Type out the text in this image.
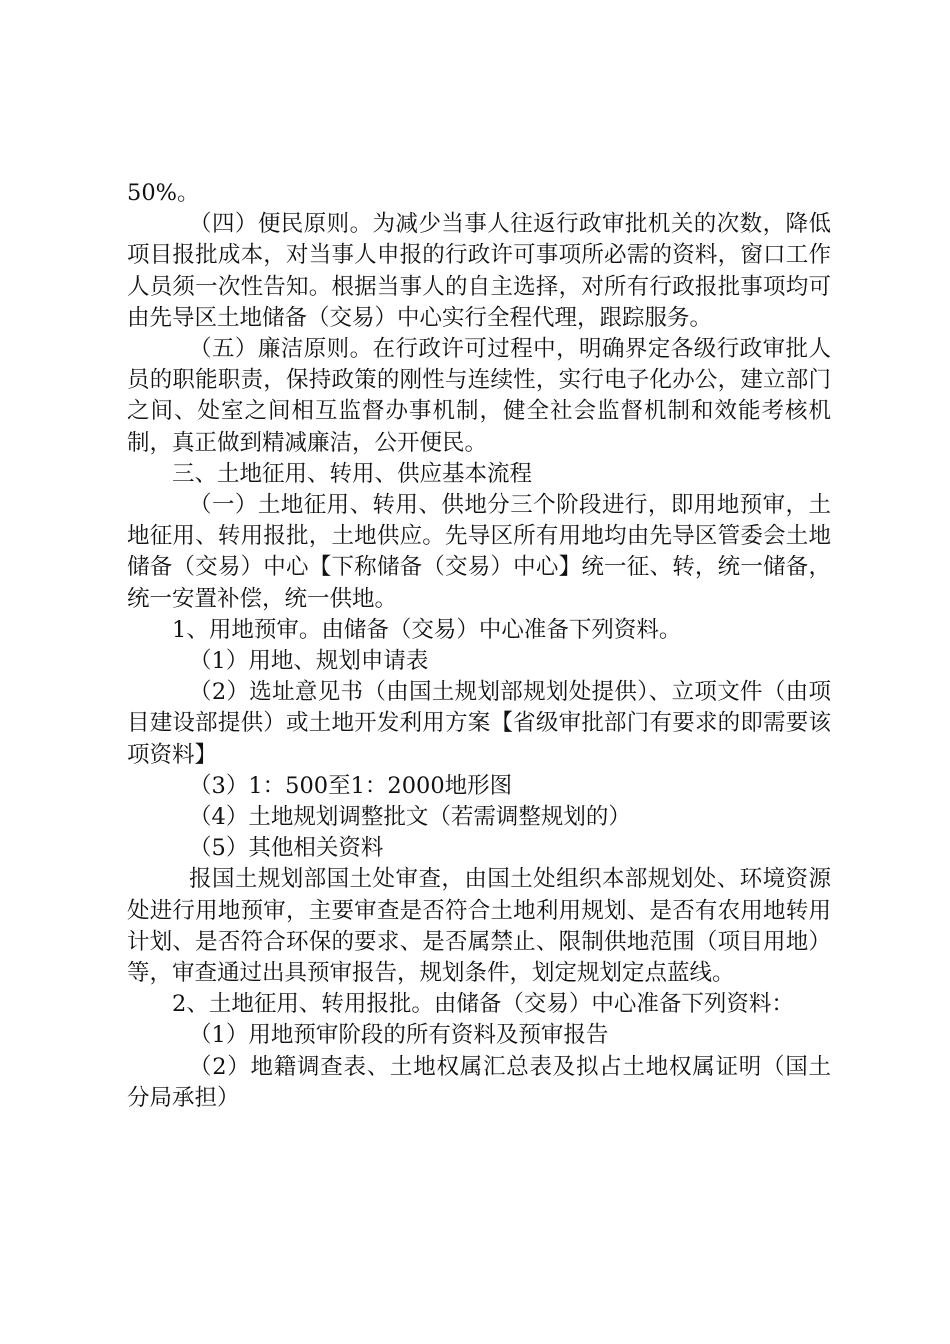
50%。

（四）便民原则。为减少当事人往返行政审批机关的次数，降低项目报批成本，对当事人申报的行政许可事项所必需的资料，窗口工作人员须一次性告知。根据当事人的自主选择，对所有行政报批事项均可由先导区土地储备（交易）中心实行全程代理，跟踪服务。

（五）廉洁原则。在行政许可过程中，明确界定各级行政审批人员的职能职责，保持政策的刚性与连续性，实行电子化办公，建立部门之间、处室之间相互监督办事机制，健全社会监督机制和效能考核机制，真正做到精减廉洁，公开便民。

三、土地征用、转用、供应基本流程

（一）土地征用、转用、供地分三个阶段进行，即用地预审，土地征用、转用报批，土地供应。先导区所有用地均由先导区管委会土地储备（交易）中心【下称储备（交易）中心】统一征、转，统一储备，统一安置补偿，统一供地。

1、用地预审。由储备（交易）中心准备下列资料。

（1）用地、规划申请表

（2）选址意见书（由国土规划部规划处提供）、立项文件（由项目建设部提供）或土地开发利用方案【省级审批部门有要求的即需要该项资料】

（3）1：500至1：2000地形图

（4）土地规划调整批文（若需调整规划的）

（5）其他相关资料

报国土规划部国土处审查，由国土处组织本部规划处、环境资源处进行用地预审，主要审查是否符合土地利用规划、是否有农用地转用计划、是否符合环保的要求、是否属禁止、限制供地范围（项目用地）等，审查通过出具预审报告，规划条件，划定规划定点蓝线。

2、土地征用、转用报批。由储备（交易）中心准备下列资料：

（1）用地预审阶段的所有资料及预审报告

（2）地籍调查表、土地权属汇总表及拟占土地权属证明（国土分局承担）
